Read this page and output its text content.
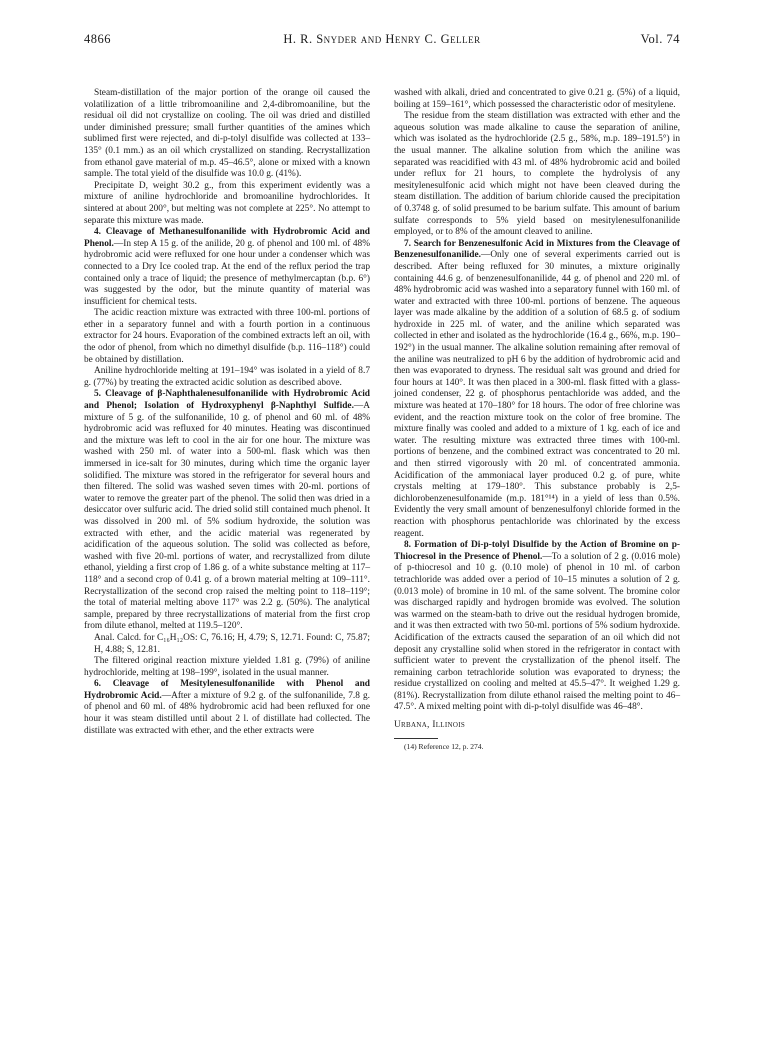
4866	H. R. Snyder and Henry C. Geller	Vol. 74

Steam-distillation of the major portion of the orange oil caused the volatilization of a little tribromoaniline and 2,4-dibromoaniline, but the residual oil did not crystallize on cooling. The oil was dried and distilled under diminished pressure; small further quantities of the amines which sublimed first were rejected, and di-p-tolyl disulfide was collected at 133–135° (0.1 mm.) as an oil which crystallized on standing. Recrystallization from ethanol gave material of m.p. 45–46.5°, alone or mixed with a known sample. The total yield of the disulfide was 10.0 g. (41%).

Precipitate D, weight 30.2 g., from this experiment evidently was a mixture of aniline hydrochloride and bromoaniline hydrochlorides. It sintered at about 200°, but melting was not complete at 225°. No attempt to separate this mixture was made.

4. Cleavage of Methanesulfonanilide with Hydrobromic Acid and Phenol.—In step A 15 g. of the anilide, 20 g. of phenol and 100 ml. of 48% hydrobromic acid were refluxed for one hour under a condenser which was connected to a Dry Ice cooled trap. At the end of the reflux period the trap contained only a trace of liquid; the presence of methylmercaptan (b.p. 6°) was suggested by the odor, but the minute quantity of material was insufficient for chemical tests.

The acidic reaction mixture was extracted with three 100-ml. portions of ether in a separatory funnel and with a fourth portion in a continuous extractor for 24 hours. Evaporation of the combined extracts left an oil, with the odor of phenol, from which no dimethyl disulfide (b.p. 116–118°) could be obtained by distillation.

Aniline hydrochloride melting at 191–194° was isolated in a yield of 8.7 g. (77%) by treating the extracted acidic solution as described above.

5. Cleavage of β-Naphthalenesulfonanilide with Hydrobromic Acid and Phenol; Isolation of Hydroxyphenyl β-Naphthyl Sulfide.—A mixture of 5 g. of the sulfonanilide, 10 g. of phenol and 60 ml. of 48% hydrobromic acid was refluxed for 40 minutes. Heating was discontinued and the mixture was left to cool in the air for one hour. The mixture was washed with 250 ml. of water into a 500-ml. flask which was then immersed in ice-salt for 30 minutes, during which time the organic layer solidified. The mixture was stored in the refrigerator for several hours and then filtered. The solid was washed seven times with 20-ml. portions of water to remove the greater part of the phenol. The solid then was dried in a desiccator over sulfuric acid. The dried solid still contained much phenol. It was dissolved in 200 ml. of 5% sodium hydroxide, the solution was extracted with ether, and the acidic material was regenerated by acidification of the aqueous solution. The solid was collected as before, washed with five 20-ml. portions of water, and recrystallized from dilute ethanol, yielding a first crop of 1.86 g. of a white substance melting at 117–118° and a second crop of 0.41 g. of a brown material melting at 109–111°. Recrystallization of the second crop raised the melting point to 118–119°; the total of material melting above 117° was 2.2 g. (50%). The analytical sample, prepared by three recrystallizations of material from the first crop from dilute ethanol, melted at 119.5–120°.

Anal. Calcd. for C₁₆H₁₂OS: C, 76.16; H, 4.79; S, 12.71. Found: C, 75.87; H, 4.88; S, 12.81.

The filtered original reaction mixture yielded 1.81 g. (79%) of aniline hydrochloride, melting at 198–199°, isolated in the usual manner.

6. Cleavage of Mesitylenesulfonanilide with Phenol and Hydrobromic Acid.—After a mixture of 9.2 g. of the sulfonanilide, 7.8 g. of phenol and 60 ml. of 48% hydrobromic acid had been refluxed for one hour it was steam distilled until about 2 l. of distillate had collected. The distillate was extracted with ether, and the ether extracts were

washed with alkali, dried and concentrated to give 0.21 g. (5%) of a liquid, boiling at 159–161°, which possessed the characteristic odor of mesitylene.

The residue from the steam distillation was extracted with ether and the aqueous solution was made alkaline to cause the separation of aniline, which was isolated as the hydrochloride (2.5 g., 58%, m.p. 189–191.5°) in the usual manner. The alkaline solution from which the aniline was separated was reacidified with 43 ml. of 48% hydrobromic acid and boiled under reflux for 21 hours, to complete the hydrolysis of any mesitylenesulfonic acid which might not have been cleaved during the steam distillation. The addition of barium chloride caused the precipitation of 0.3748 g. of solid presumed to be barium sulfate. This amount of barium sulfate corresponds to 5% yield based on mesitylenesulfonanilide employed, or to 8% of the amount cleaved to aniline.

7. Search for Benzenesulfonic Acid in Mixtures from the Cleavage of Benzenesulfonanilide.—Only one of several experiments carried out is described. After being refluxed for 30 minutes, a mixture originally containing 44.6 g. of benzenesulfonanilide, 44 g. of phenol and 220 ml. of 48% hydrobromic acid was washed into a separatory funnel with 160 ml. of water and extracted with three 100-ml. portions of benzene. The aqueous layer was made alkaline by the addition of a solution of 68.5 g. of sodium hydroxide in 225 ml. of water, and the aniline which separated was collected in ether and isolated as the hydrochloride (16.4 g., 66%, m.p. 190–192°) in the usual manner. The alkaline solution remaining after removal of the aniline was neutralized to pH 6 by the addition of hydrobromic acid and then was evaporated to dryness. The residual salt was ground and dried for four hours at 140°. It was then placed in a 300-ml. flask fitted with a glass-joined condenser, 22 g. of phosphorus pentachloride was added, and the mixture was heated at 170–180° for 18 hours. The odor of free chlorine was evident, and the reaction mixture took on the color of free bromine. The mixture finally was cooled and added to a mixture of 1 kg. each of ice and water. The resulting mixture was extracted three times with 100-ml. portions of benzene, and the combined extract was concentrated to 20 ml. and then stirred vigorously with 20 ml. of concentrated ammonia. Acidification of the ammoniacal layer produced 0.2 g. of pure, white crystals melting at 179–180°. This substance probably is 2,5-dichlorobenzenesulfonamide (m.p. 181°¹⁴) in a yield of less than 0.5%. Evidently the very small amount of benzenesulfonyl chloride formed in the reaction with phosphorus pentachloride was chlorinated by the excess reagent.

8. Formation of Di-p-tolyl Disulfide by the Action of Bromine on p-Thiocresol in the Presence of Phenol.—To a solution of 2 g. (0.016 mole) of p-thiocresol and 10 g. (0.10 mole) of phenol in 10 ml. of carbon tetrachloride was added over a period of 10–15 minutes a solution of 2 g. (0.013 mole) of bromine in 10 ml. of the same solvent. The bromine color was discharged rapidly and hydrogen bromide was evolved. The solution was warmed on the steam-bath to drive out the residual hydrogen bromide, and it was then extracted with two 50-ml. portions of 5% sodium hydroxide. Acidification of the extracts caused the separation of an oil which did not deposit any crystalline solid when stored in the refrigerator in contact with sufficient water to prevent the crystallization of the phenol itself. The remaining carbon tetrachloride solution was evaporated to dryness; the residue crystallized on cooling and melted at 45.5–47°. It weighed 1.29 g. (81%). Recrystallization from dilute ethanol raised the melting point to 46–47.5°. A mixed melting point with di-p-tolyl disulfide was 46–48°.

Urbana, Illinois

(14) Reference 12, p. 274.
